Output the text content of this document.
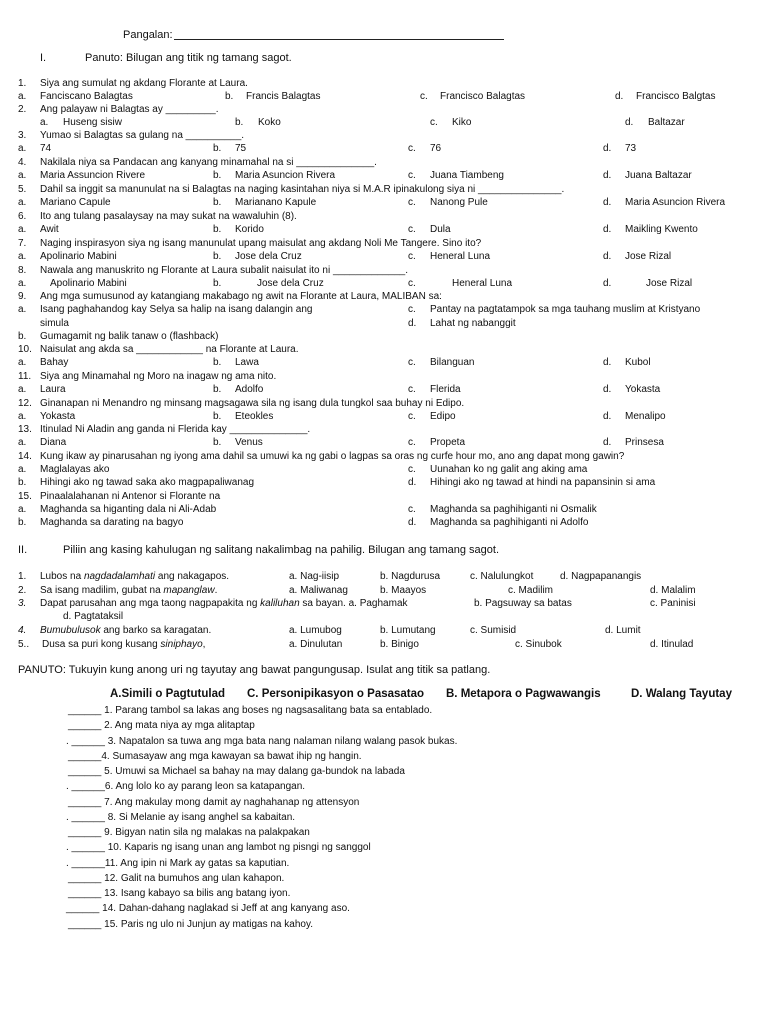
Pangalan:
I.	Panuto: Bilugan ang titik ng tamang sagot.
1. Siya ang sumulat ng akdang Florante at Laura.
a. Fanciscano Balagtas	b. Francis Balagtas	c. Francisco Balagtas	d. Francisco Balgtas
2. Ang palayaw ni Balagtas ay _________.
a. Huseng sisiw	b. Koko	c. Kiko	d. Baltazar
3. Yumao si Balagtas sa gulang na __________.
a. 74	b. 75	c. 76	d. 73
4. Nakilala niya sa Pandacan ang kanyang minamahal na si ______________.
a. Maria Assuncion Rivere	b. Maria Asuncion Rivera	c. Juana Tiambeng	d. Juana Baltazar
5. Dahil sa inggit sa manunulat na si Balagtas na naging kasintahan niya si M.A.R ipinakulong siya ni _______________.
a. Mariano Capule	b. Marianano Kapule	c. Nanong Pule	d. Maria Asuncion Rivera
6. Ito ang tulang pasalaysay na may sukat na wawaluhin (8).
a. Awit	b. Korido	c. Dula	d. Maikling Kwento
7. Naging inspirasyon siya ng isang manunulat upang maisulat ang akdang Noli Me Tangere. Sino ito?
a. Apolinario Mabini	b. Jose dela Cruz	c. Heneral Luna	d. Jose Rizal
8. Nawala ang manuskrito ng Florante at Laura subalit naisulat ito ni _____________.
a. Apolinario Mabini	b.	Jose dela Cruz	c.	Heneral Luna	d.	Jose Rizal
9. Ang mga sumusunod ay katangiang makabago ng awit na Florante at Laura, MALIBAN sa:
a. Isang paghahandog kay Selya sa halip na isang dalangin ang	c. Pantay na pagtatampok sa mga tauhang muslim at Kristyano
simula	d. Lahat ng nabanggit
b. Gumagamit ng balik tanaw o (flashback)
10. Naisulat ang akda sa ____________ na Florante at Laura.
a. Bahay	b. Lawa	c. Bilanguan	d. Kubol
11. Siya ang Minamahal ng Moro na inagaw ng ama nito.
a. Laura	b. Adolfo	c. Flerida	d. Yokasta
12. Ginanapan ni Menandro ng minsang magsagawa sila ng isang dula tungkol saa buhay ni Edipo.
a. Yokasta	b. Eteokles	c. Edipo	d. Menalipo
13. Itinulad Ni Aladin ang ganda ni Flerida kay ______________.
a. Diana	b. Venus	c. Propeta	d. Prinsesa
14. Kung ikaw ay pinarusahan ng iyong ama dahil sa umuwi ka ng gabi o lagpas sa oras ng curfe hour mo, ano ang dapat mong gawin?
a. Maglalayas ako	c. Uunahan ko ng galit ang aking ama
b. Hihingi ako ng tawad saka ako magpapaliwanag	d. Hihingi ako ng tawad at hindi na papansinin si ama
15. Pinaalalahanan ni Antenor si Florante na
a. Maghanda sa higanting dala ni Ali-Adab	c. Maghanda sa paghihiganti ni Osmalik
b. Maghanda sa darating na bagyo	d. Maghanda sa paghihiganti ni Adolfo
II.	Piliin ang kasing kahulugan ng salitang nakalimbag na pahilig. Bilugan ang tamang sagot.
1. Lubos na nagdadalamhati ang nakagapos.	a. Nag-iisip	b. Nagdurusa	c. Nalulungkot	d. Nagpapanangis
2. Sa isang madilim, gubat na mapanglaw.	a. Maliwanag	b. Maayos	c. Madilim	d. Malalim
3. Dapat parusahan ang mga taong nagpapakita ng kaliluhan sa bayan. a. Paghamak	b. Pagsuway sa batas	c. Paninisi
d. Pagtataksil
4. Bumubulusok ang barko sa karagatan.	a. Lumubog	b. Lumutang	c. Sumisid	d. Lumit
5.. Dusa sa puri kong kusang siniphayo,	a. Dinulutan	b. Binigo	c. Sinubok	d. Itinulad
PANUTO: Tukuyin kung anong uri ng tayutay ang bawat pangungusap. Isulat ang titik sa patlang.
A.Simili o Pagtutulad C. Personipikasyon o Pasasatao B. Metapora o Pagwawangis	D. Walang Tayutay
______ 1. Parang tambol sa lakas ang boses ng nagsasalitang bata sa entablado.
______ 2. Ang mata niya ay mga alitaptap
. ______ 3. Napatalon sa tuwa ang mga bata nang nalaman nilang walang pasok bukas.
______4. Sumasayaw ang mga kawayan sa bawat ihip ng hangin.
______ 5. Umuwi sa Michael sa bahay na may dalang ga-bundok na labada
. ______6. Ang lolo ko ay parang leon sa katapangan.
______ 7. Ang makulay mong damit ay naghahanap ng attensyon
. ______ 8. Si Melanie ay isang anghel sa kabaitan.
______ 9. Bigyan natin sila ng malakas na palakpakan
. ______ 10. Kaparis ng isang unan ang lambot ng pisngi ng sanggol
. ______11. Ang ipin ni Mark ay gatas sa kaputian.
______ 12. Galit na bumuhos ang ulan kahapon.
______ 13. Isang kabayo sa bilis ang batang iyon.
______ 14. Dahan-dahang naglakad si Jeff at ang kanyang aso.
______ 15. Paris ng ulo ni Junjun ay matigas na kahoy.
